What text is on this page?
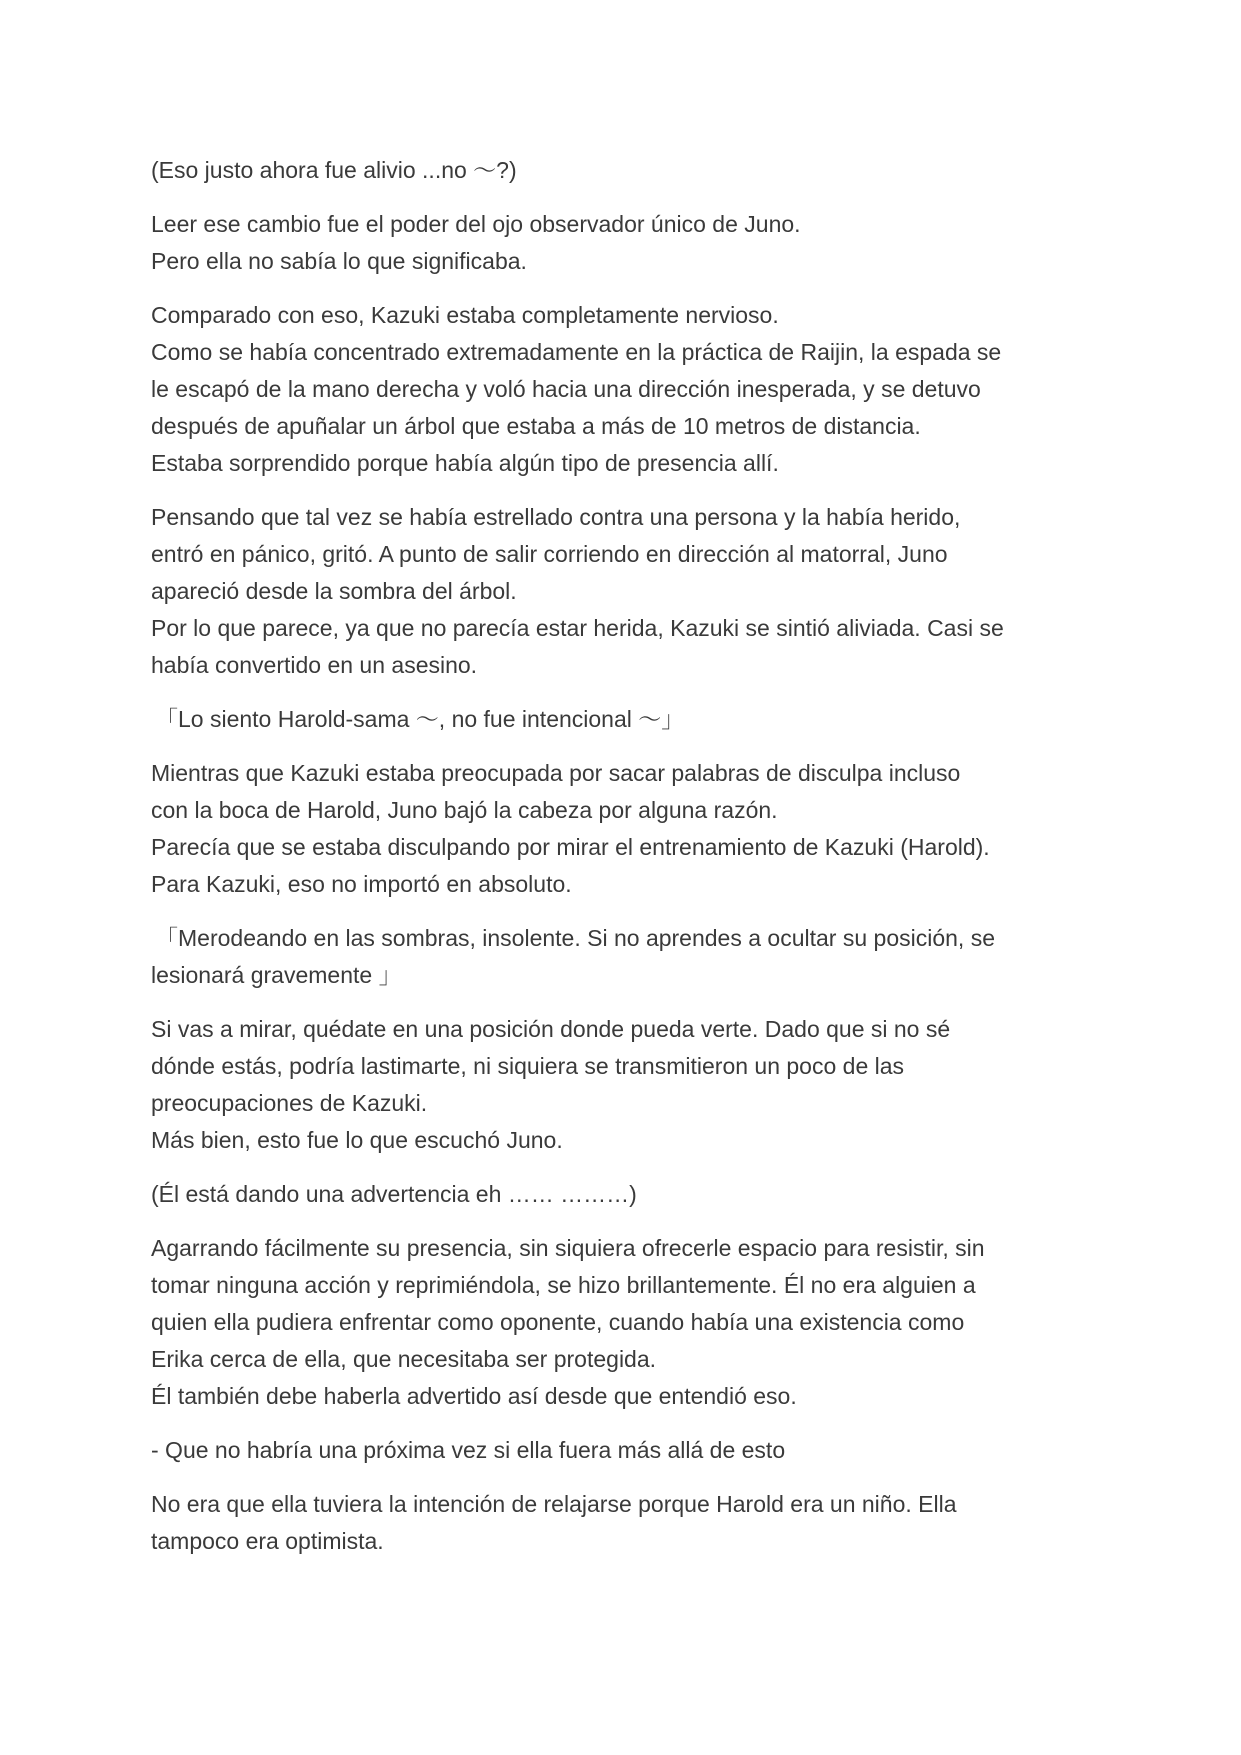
(Eso justo ahora fue alivio ...no ～?)

Leer ese cambio fue el poder del ojo observador único de Juno.
Pero ella no sabía lo que significaba.

Comparado con eso, Kazuki estaba completamente nervioso.
Como se había concentrado extremadamente en la práctica de Raijin, la espada se
le escapó de la mano derecha y voló hacia una dirección inesperada, y se detuvo
después de apuñalar un árbol que estaba a más de 10 metros de distancia.
Estaba sorprendido porque había algún tipo de presencia allí.

Pensando que tal vez se había estrellado contra una persona y la había herido,
entró en pánico, gritó. A punto de salir corriendo en dirección al matorral, Juno
apareció desde la sombra del árbol.
Por lo que parece, ya que no parecía estar herida, Kazuki se sintió aliviada. Casi se
había convertido en un asesino.

「Lo siento Harold-sama ～, no fue intencional ～」

Mientras que Kazuki estaba preocupada por sacar palabras de disculpa incluso
con la boca de Harold, Juno bajó la cabeza por alguna razón.
Parecía que se estaba disculpando por mirar el entrenamiento de Kazuki (Harold).
Para Kazuki, eso no importó en absoluto.

「Merodeando en las sombras, insolente. Si no aprendes a ocultar su posición, se
lesionará gravemente 」

Si vas a mirar, quédate en una posición donde pueda verte. Dado que si no sé
dónde estás, podría lastimarte, ni siquiera se transmitieron un poco de las
preocupaciones de Kazuki.
Más bien, esto fue lo que escuchó Juno.

(Él está dando una advertencia eh …… ………)

Agarrando fácilmente su presencia, sin siquiera ofrecerle espacio para resistir, sin
tomar ninguna acción y reprimiéndola, se hizo brillantemente. Él no era alguien a
quien ella pudiera enfrentar como oponente, cuando había una existencia como
Erika cerca de ella, que necesitaba ser protegida.
Él también debe haberla advertido así desde que entendió eso.

- Que no habría una próxima vez si ella fuera más allá de esto

No era que ella tuviera la intención de relajarse porque Harold era un niño. Ella
tampoco era optimista.
